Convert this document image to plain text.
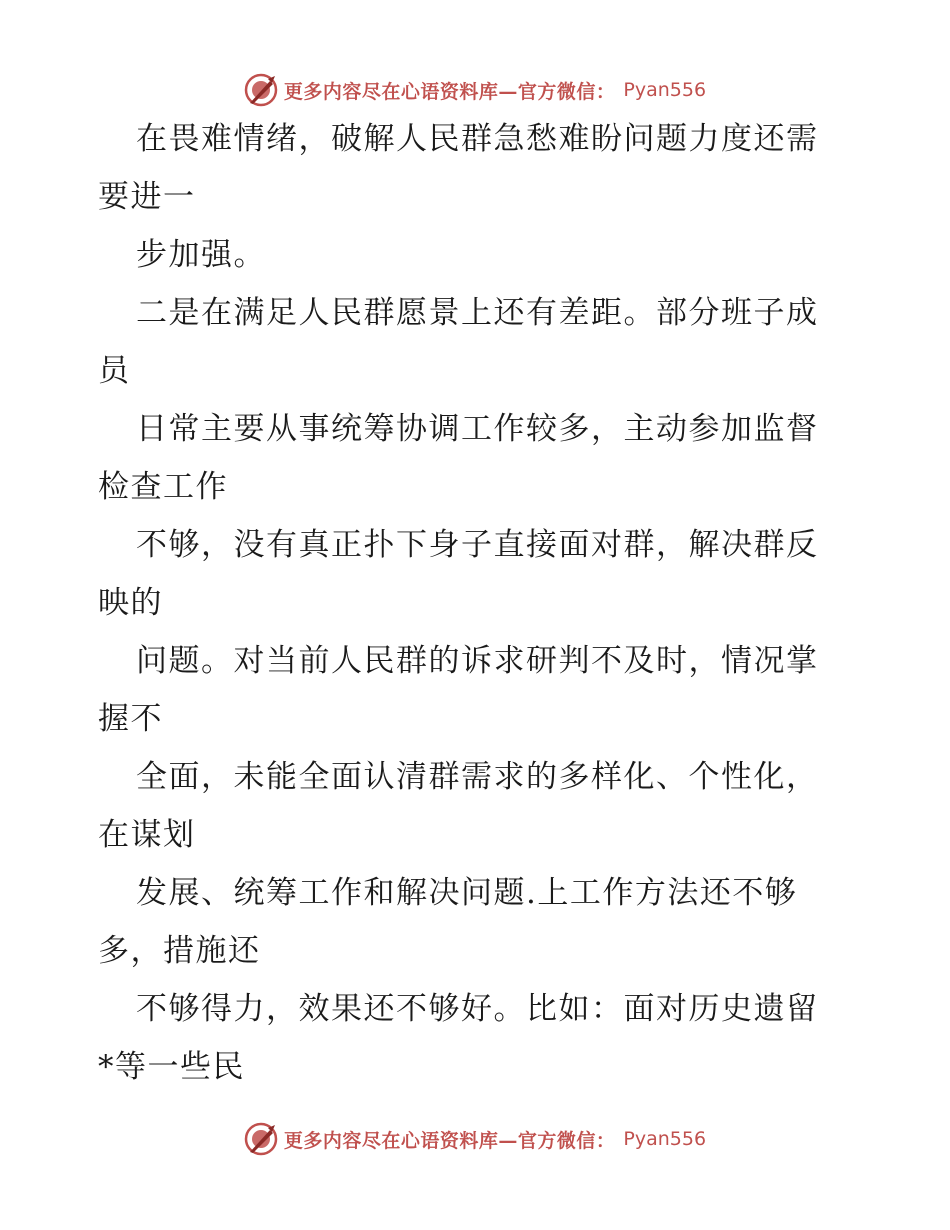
更多内容尽在心语资料库—官方微信： Pyan556
在畏难情绪，破解人民群急愁难盼问题力度还需
要进一
步加强。
二是在满足人民群愿景上还有差距。部分班子成
员
日常主要从事统筹协调工作较多，主动参加监督
检查工作
不够，没有真正扑下身子直接面对群，解决群反
映的
问题。对当前人民群的诉求研判不及时，情况掌
握不
全面，未能全面认清群需求的多样化、个性化，
在谋划
发展、统筹工作和解决问题.上工作方法还不够
多，措施还
不够得力，效果还不够好。比如：面对历史遗留
*等一些民
更多内容尽在心语资料库—官方微信： Pyan556
